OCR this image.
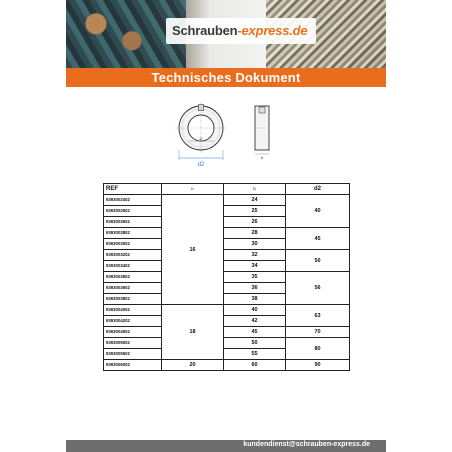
Schrauben-express.de
Technisches Dokument
D
d2
b
REF	b	D	d2
9393002402	16	24	40
9393002502		25	
9393002602		26	
9393002802		28	45
9393003002		30	
9393003202		32	50
9393003402		34	
9393003502		35	56
9393003602		36	
9393003802		38	
9393004002	18	40	63
9393004202		42	
9393004502		45	70
9393005002		50	80
9393005502		55	
9393006002	20	60	90
kundendienst@schrauben-express.de
